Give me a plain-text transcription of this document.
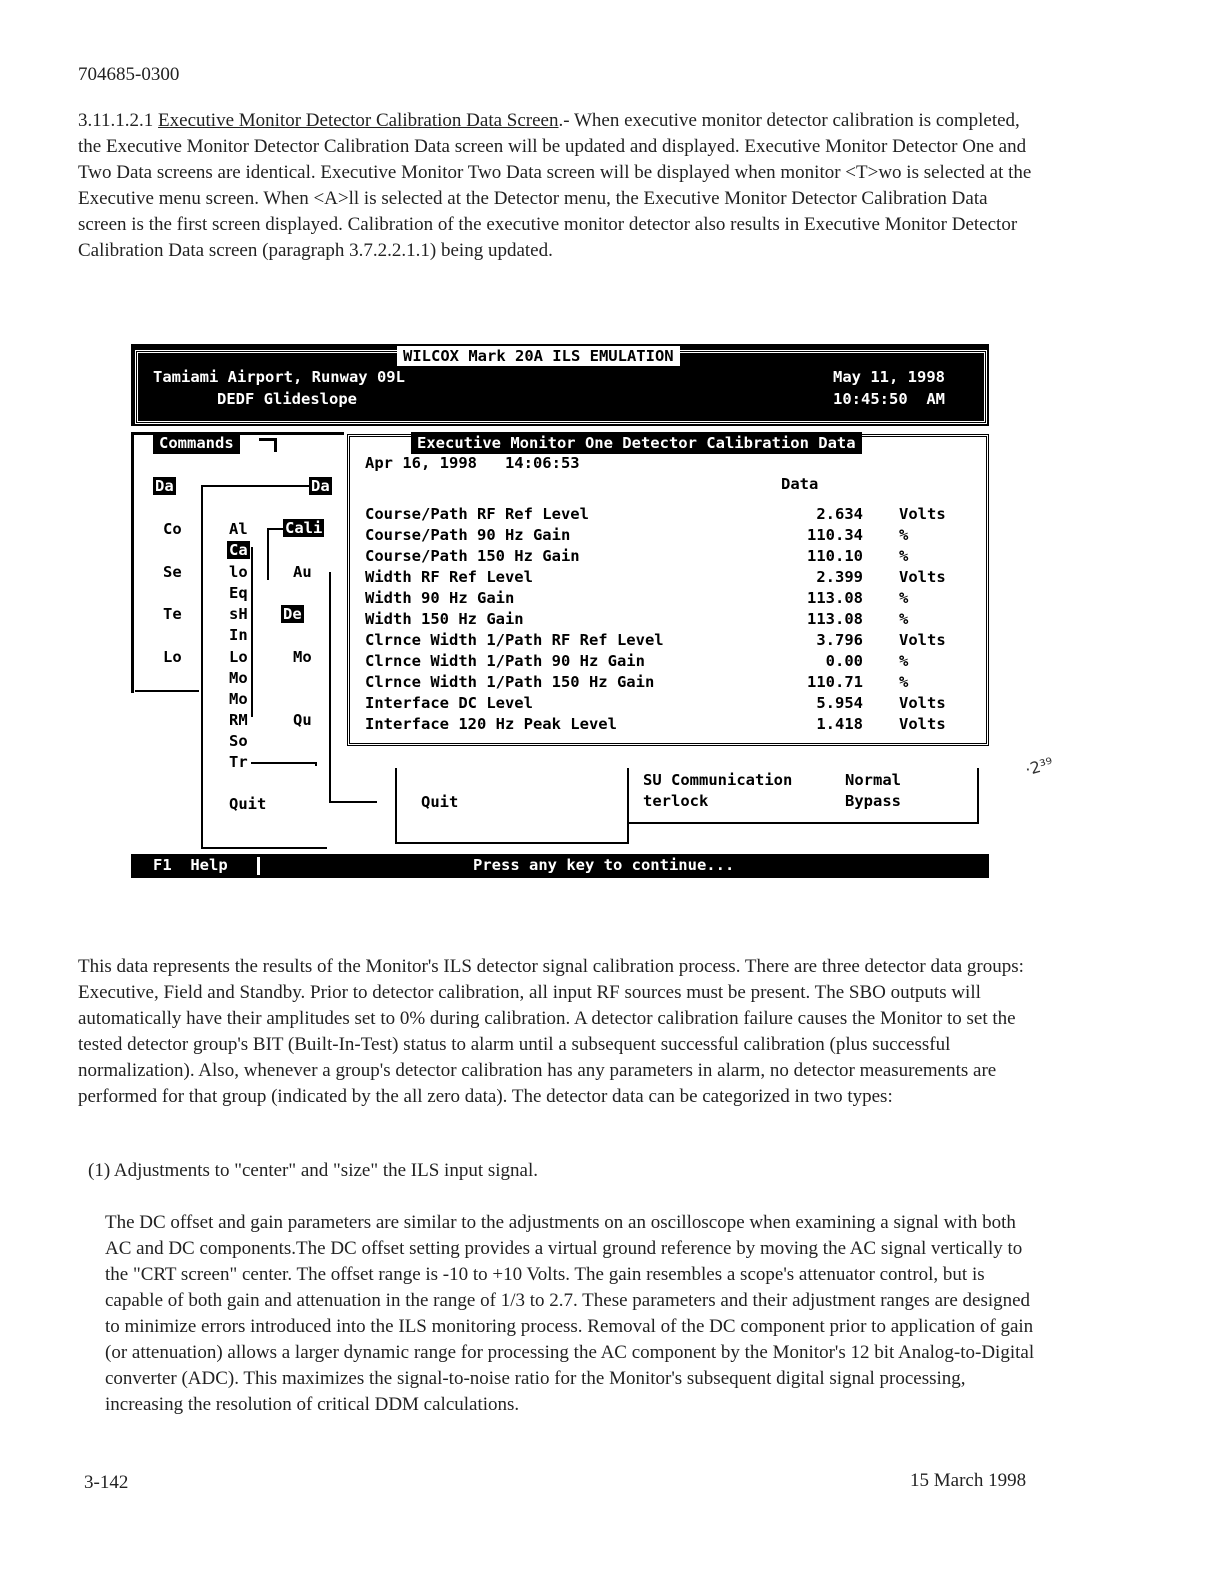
704685-0300
3.11.1.2.1 Executive Monitor Detector Calibration Data Screen.- When executive monitor detector calibration is completed, the Executive Monitor Detector Calibration Data screen will be updated and displayed. Executive Monitor Detector One and Two Data screens are identical. Executive Monitor Two Data screen will be displayed when monitor <T>wo is selected at the Executive menu screen. When <A>ll is selected at the Detector menu, the Executive Monitor Detector Calibration Data screen is the first screen displayed. Calibration of the executive monitor detector also results in Executive Monitor Detector Calibration Data screen (paragraph 3.7.2.2.1.1) being updated.
WILCOX Mark 20A ILS EMULATION
Tamiami Airport, Runway 09L
DEDF Glideslope
May 11, 1998
10:45:50  AM
Commands
Da
Co
Se
Te
Lo
Da
Al
Ca
lo
Eq
sH
In
Lo
Mo
Mo
RM
So
Tr
Quit
Cali
Au
De
Mo
Qu
Executive Monitor One Detector Calibration Data
Apr 16, 1998   14:06:53
Data
Course/Path RF Ref Level	2.634 Volts
Course/Path 90 Hz Gain	110.34 %
Course/Path 150 Hz Gain	110.10 %
Width RF Ref Level	2.399 Volts
Width 90 Hz Gain	113.08 %
Width 150 Hz Gain	113.08 %
Clrnce Width 1/Path RF Ref Level	3.796 Volts
Clrnce Width 1/Path 90 Hz Gain	0.00 %
Clrnce Width 1/Path 150 Hz Gain	110.71 %
Interface DC Level	5.954 Volts
Interface 120 Hz Peak Level	1.418 Volts
Quit
SU Communication	Normal
terlock	Bypass
F1  Help	Press any key to continue...
·2³⁹
This data represents the results of the Monitor's ILS detector signal calibration process. There are three detector data groups: Executive, Field and Standby. Prior to detector calibration, all input RF sources must be present. The SBO outputs will automatically have their amplitudes set to 0% during calibration. A detector calibration failure causes the Monitor to set the tested detector group's BIT (Built-In-Test) status to alarm until a subsequent successful calibration (plus successful normalization). Also, whenever a group's detector calibration has any parameters in alarm, no detector measurements are performed for that group (indicated by the all zero data). The detector data can be categorized in two types:
(1) Adjustments to "center" and "size" the ILS input signal.
The DC offset and gain parameters are similar to the adjustments on an oscilloscope when examining a signal with both AC and DC components.The DC offset setting provides a virtual ground reference by moving the AC signal vertically to the "CRT screen" center. The offset range is -10 to +10 Volts. The gain resembles a scope's attenuator control, but is capable of both gain and attenuation in the range of 1/3 to 2.7. These parameters and their adjustment ranges are designed to minimize errors introduced into the ILS monitoring process. Removal of the DC component prior to application of gain (or attenuation) allows a larger dynamic range for processing the AC component by the Monitor's 12 bit Analog-to-Digital converter (ADC). This maximizes the signal-to-noise ratio for the Monitor's subsequent digital signal processing, increasing the resolution of critical DDM calculations.
3-142	15 March 1998
